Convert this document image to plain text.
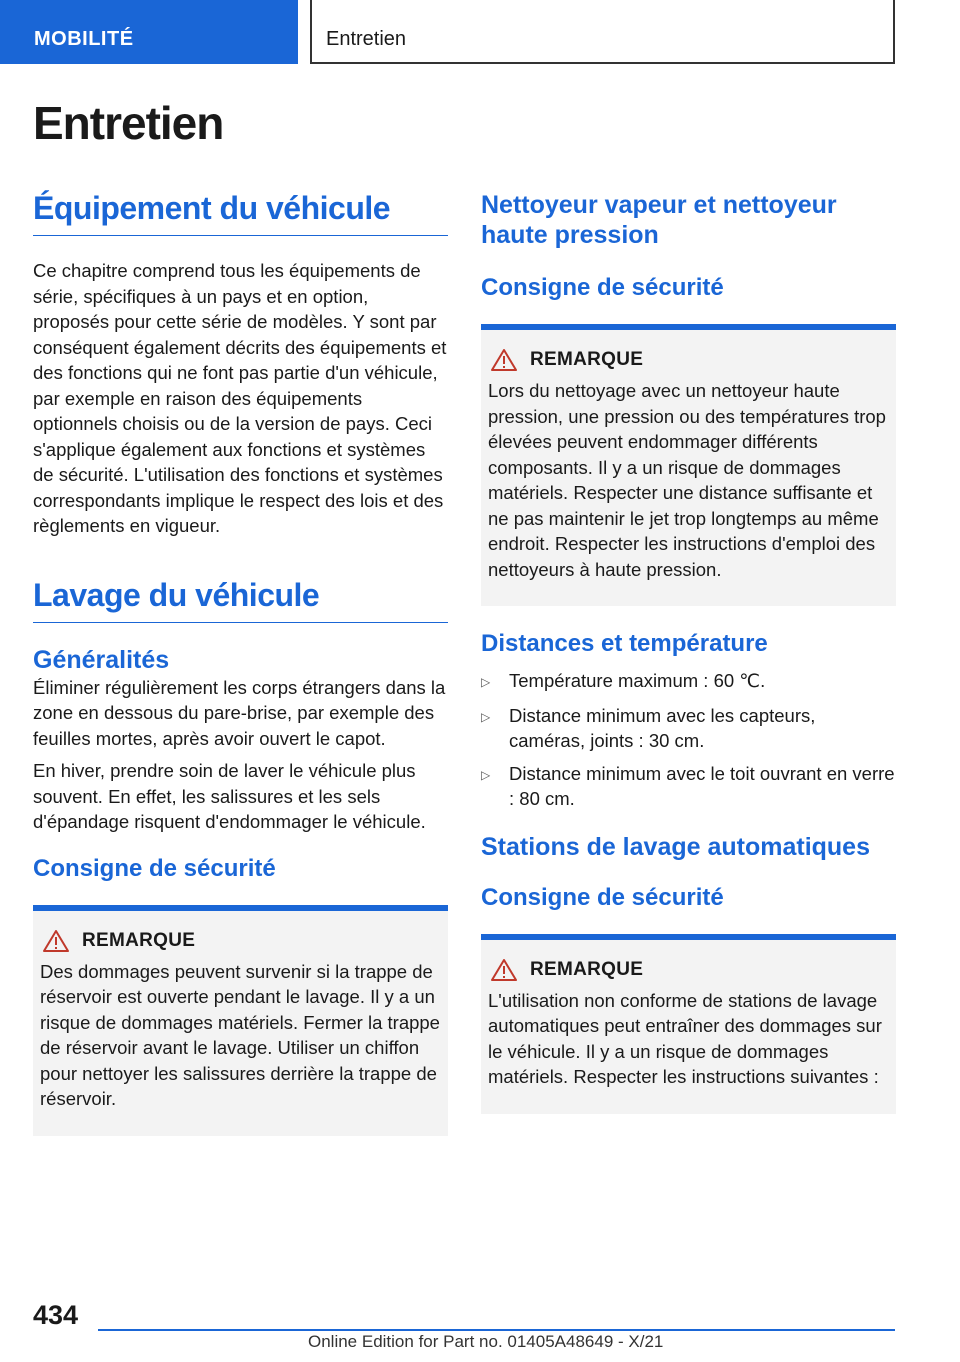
MOBILITÉ	Entretien
Entretien
Équipement du véhicule

Ce chapitre comprend tous les équipements de série, spécifiques à un pays et en option, proposés pour cette série de modèles. Y sont par conséquent également décrits des équipements et des fonctions qui ne font pas partie d'un véhicule, par exemple en raison des équipements optionnels choisis ou de la version de pays. Ceci s'applique également aux fonctions et systèmes de sécurité. L'utilisation des fonctions et systèmes correspondants implique le respect des lois et des règlements en vigueur.

Lavage du véhicule
Généralités

Éliminer régulièrement les corps étrangers dans la zone en dessous du pare-brise, par exemple des feuilles mortes, après avoir ouvert le capot.

En hiver, prendre soin de laver le véhicule plus souvent. En effet, les salissures et les sels d'épandage risquent d'endommager le véhicule.

Consigne de sécurité
REMARQUE

Des dommages peuvent survenir si la trappe de réservoir est ouverte pendant le lavage. Il y a un risque de dommages matériels. Fermer la trappe de réservoir avant le lavage. Utiliser un chiffon pour nettoyer les salissures derrière la trappe de réservoir.

Nettoyeur vapeur et nettoyeur haute pression
Consigne de sécurité
REMARQUE

Lors du nettoyage avec un nettoyeur haute pression, une pression ou des températures trop élevées peuvent endommager différents composants. Il y a un risque de dommages matériels. Respecter une distance suffisante et ne pas maintenir le jet trop longtemps au même endroit. Respecter les instructions d'emploi des nettoyeurs à haute pression.

Distances et température
▷	Température maximum : 60 ℃.
▷	Distance minimum avec les capteurs, caméras, joints : 30 cm.
▷	Distance minimum avec le toit ouvrant en verre : 80 cm.
Stations de lavage automatiques
Consigne de sécurité
REMARQUE

L'utilisation non conforme de stations de lavage automatiques peut entraîner des dommages sur le véhicule. Il y a un risque de dommages matériels. Respecter les instructions suivantes :

434
Online Edition for Part no. 01405A48649 - X/21
